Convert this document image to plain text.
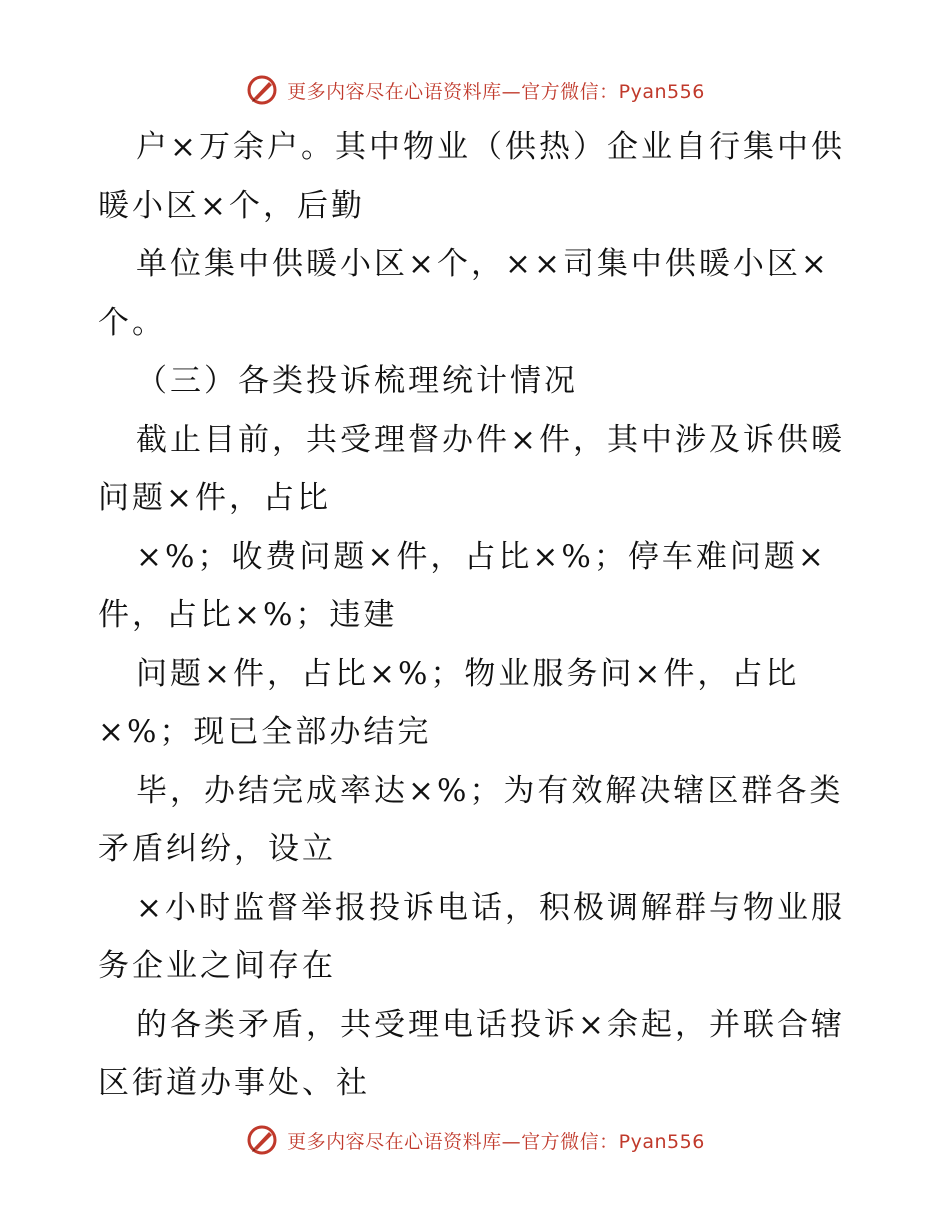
更多内容尽在心语资料库—官方微信：Pyan556
户×万余户。其中物业（供热）企业自行集中供
暖小区×个，后勤
单位集中供暖小区×个，××司集中供暖小区×
个。
（三）各类投诉梳理统计情况
截止目前，共受理督办件×件，其中涉及诉供暖
问题×件，占比
×%；收费问题×件，占比×%；停车难问题×
件，占比×%；违建
问题×件，占比×%；物业服务问×件，占比
×%；现已全部办结完
毕，办结完成率达×%；为有效解决辖区群各类
矛盾纠纷，设立
×小时监督举报投诉电话，积极调解群与物业服
务企业之间存在
的各类矛盾，共受理电话投诉×余起，并联合辖
区街道办事处、社
更多内容尽在心语资料库—官方微信：Pyan556
